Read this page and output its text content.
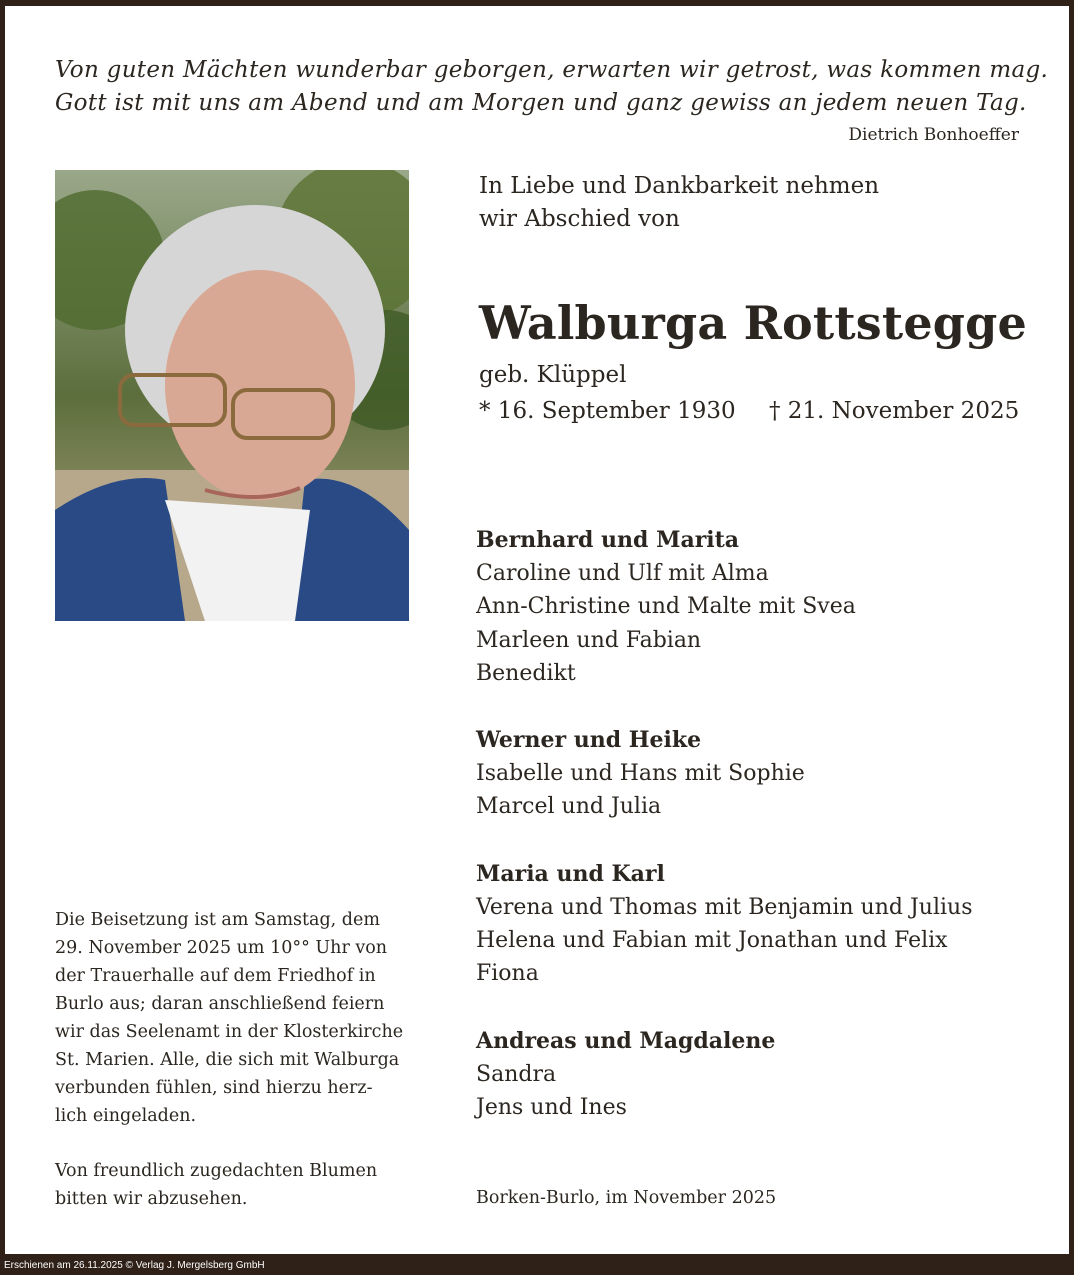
Von guten Mächten wunderbar geborgen, erwarten wir getrost, was kommen mag.
Gott ist mit uns am Abend und am Morgen und ganz gewiss an jedem neuen Tag.
Dietrich Bonhoeffer
In Liebe und Dankbarkeit nehmen
wir Abschied von
Walburga Rottstegge
geb. Klüppel
* 16. September 1930 † 21. November 2025
Bernhard und Marita
Caroline und Ulf mit Alma
Ann-Christine und Malte mit Svea
Marleen und Fabian
Benedikt
Werner und Heike
Isabelle und Hans mit Sophie
Marcel und Julia
Maria und Karl
Verena und Thomas mit Benjamin und Julius
Helena und Fabian mit Jonathan und Felix
Fiona
Andreas und Magdalene
Sandra
Jens und Ines
Die Beisetzung ist am Samstag, dem
29. November 2025 um 10°° Uhr von
der Trauerhalle auf dem Friedhof in
Burlo aus; daran anschließend feiern
wir das Seelenamt in der Klosterkirche
St. Marien. Alle, die sich mit Walburga
verbunden fühlen, sind hierzu herz-
lich eingeladen.
Von freundlich zugedachten Blumen
bitten wir abzusehen.	Borken-Burlo, im November 2025
Erschienen am 26.11.2025 © Verlag J. Mergelsberg GmbH
